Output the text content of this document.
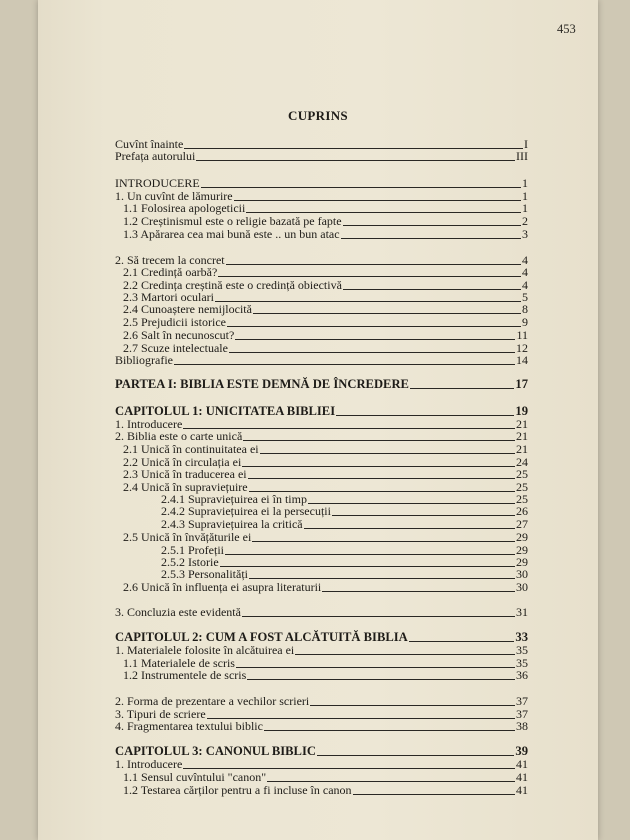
453
CUPRINS
Cuvînt înainte	I
Prefața autorului	III
INTRODUCERE	1
1. Un cuvînt de lămurire	1
1.1 Folosirea apologeticii	1
1.2 Creștinismul este o religie bazată pe fapte	2
1.3 Apărarea cea mai bună este .. un bun atac	3
2. Să trecem la concret	4
2.1 Credință oarbă?	4
2.2 Credința creștină este o credință obiectivă	4
2.3 Martori oculari	5
2.4 Cunoaștere nemijlocită	8
2.5 Prejudicii istorice	9
2.6 Salt în necunoscut?	11
2.7 Scuze intelectuale	12
Bibliografie	14
PARTEA I: BIBLIA ESTE DEMNĂ DE ÎNCREDERE	17
CAPITOLUL 1: UNICITATEA BIBLIEI	19
1. Introducere	21
2. Biblia este o carte unică	21
2.1 Unică în continuitatea ei	21
2.2 Unică în circulația ei	24
2.3 Unică în traducerea ei	25
2.4 Unică în supraviețuire	25
2.4.1 Supraviețuirea ei în timp	25
2.4.2 Supraviețuirea ei la persecuții	26
2.4.3 Supraviețuirea la critică	27
2.5 Unică în învățăturile ei	29
2.5.1 Profeții	29
2.5.2 Istorie	29
2.5.3 Personalități	30
2.6 Unică în influența ei asupra literaturii	30
3. Concluzia este evidentă	31
CAPITOLUL 2: CUM A FOST ALCĂTUITĂ BIBLIA	33
1. Materialele folosite în alcătuirea ei	35
1.1 Materialele de scris	35
1.2 Instrumentele de scris	36
2. Forma de prezentare a vechilor scrieri	37
3. Tipuri de scriere	37
4. Fragmentarea textului biblic	38
CAPITOLUL 3: CANONUL BIBLIC	39
1. Introducere	41
1.1 Sensul cuvîntului "canon"	41
1.2 Testarea cărților pentru a fi incluse în canon	41
